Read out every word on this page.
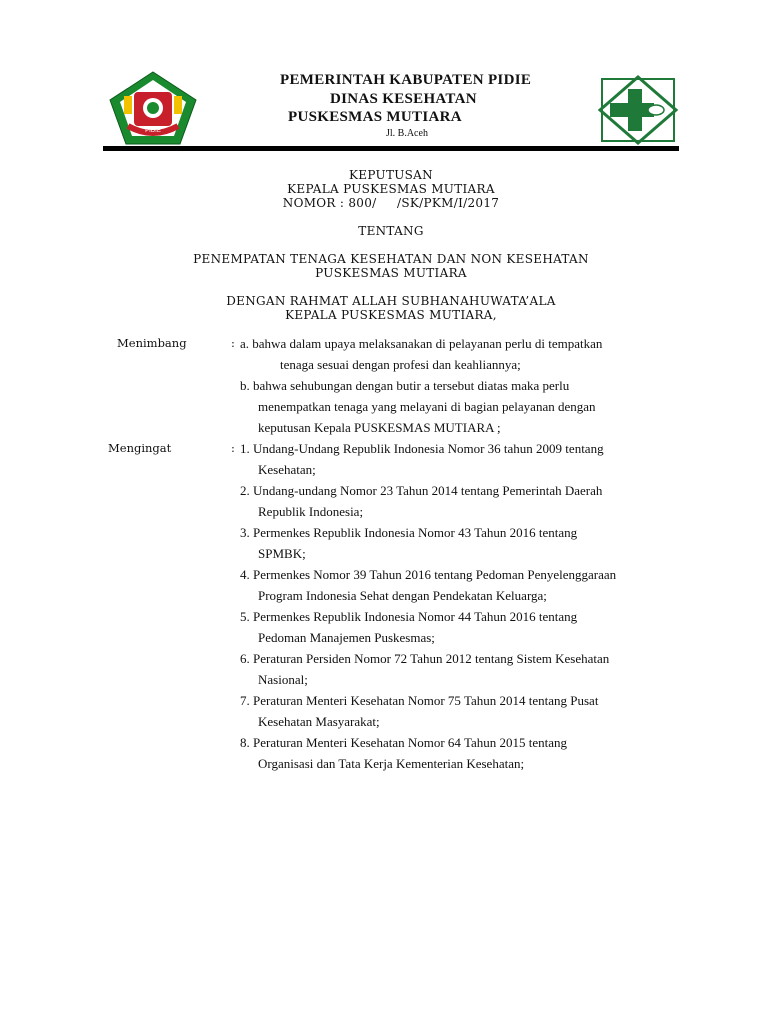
PIDIE
PEMERINTAH KABUPATEN PIDIE
DINAS KESEHATAN
PUSKESMAS MUTIARA
Jl. B.Aceh
KEPUTUSAN
KEPALA PUSKESMAS MUTIARA
NOMOR : 800/     /SK/PKM/I/2017
TENTANG
PENEMPATAN TENAGA KESEHATAN DAN NON KESEHATAN
PUSKESMAS MUTIARA
DENGAN RAHMAT ALLAH SUBHANAHUWATA’ALA
KEPALA PUSKESMAS MUTIARA,
Menimbang	: a. bahwa dalam upaya melaksanakan di pelayanan perlu di tempatkan
tenaga sesuai dengan profesi dan keahliannya;
b. bahwa sehubungan dengan butir a tersebut diatas maka perlu
menempatkan tenaga yang melayani di bagian pelayanan dengan
keputusan Kepala PUSKESMAS MUTIARA ;
Mengingat	: 1. Undang-Undang Republik Indonesia Nomor 36 tahun 2009 tentang
Kesehatan;
2. Undang-undang Nomor 23 Tahun 2014 tentang Pemerintah Daerah
Republik Indonesia;
3. Permenkes Republik Indonesia Nomor 43 Tahun 2016 tentang
SPMBK;
4. Permenkes Nomor 39 Tahun 2016 tentang Pedoman Penyelenggaraan
Program Indonesia Sehat dengan Pendekatan Keluarga;
5. Permenkes Republik Indonesia Nomor 44 Tahun 2016 tentang
Pedoman Manajemen Puskesmas;
6. Peraturan Persiden Nomor 72 Tahun 2012 tentang Sistem Kesehatan
Nasional;
7. Peraturan Menteri Kesehatan Nomor 75 Tahun 2014 tentang Pusat
Kesehatan Masyarakat;
8. Peraturan Menteri Kesehatan Nomor 64 Tahun 2015 tentang
Organisasi dan Tata Kerja Kementerian Kesehatan;
